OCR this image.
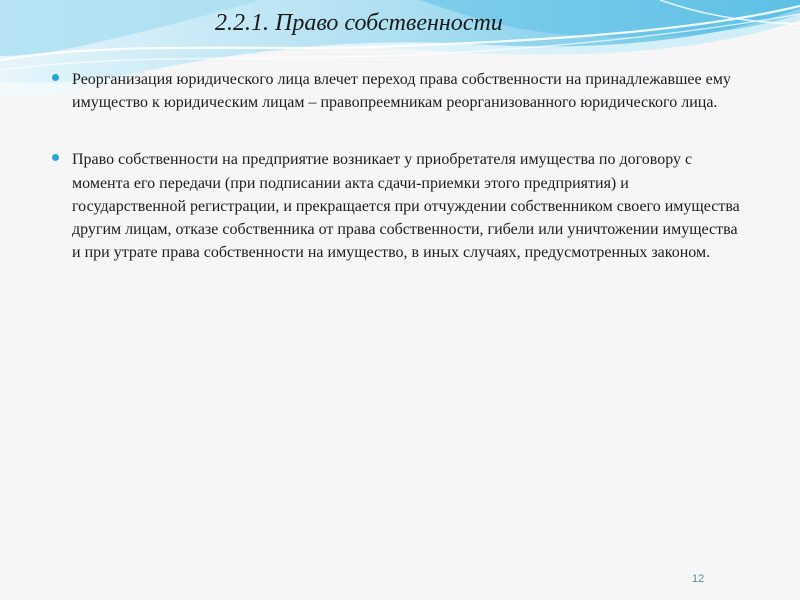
2.2.1. Право собственности
Реорганизация юридического лица влечет переход права собственности на принадлежавшее ему имущество к юридическим лицам – правопреемникам реорганизованного юридического лица.
Право собственности на предприятие возникает у приобретателя имущества по договору с момента его передачи (при подписании акта сдачи-приемки этого предприятия) и государственной регистрации, и прекращается при отчуждении собственником своего имущества другим лицам, отказе собственника от права собственности, гибели или уничтожении имущества и при утрате права собственности на имущество, в иных случаях, предусмотренных законом.
12
